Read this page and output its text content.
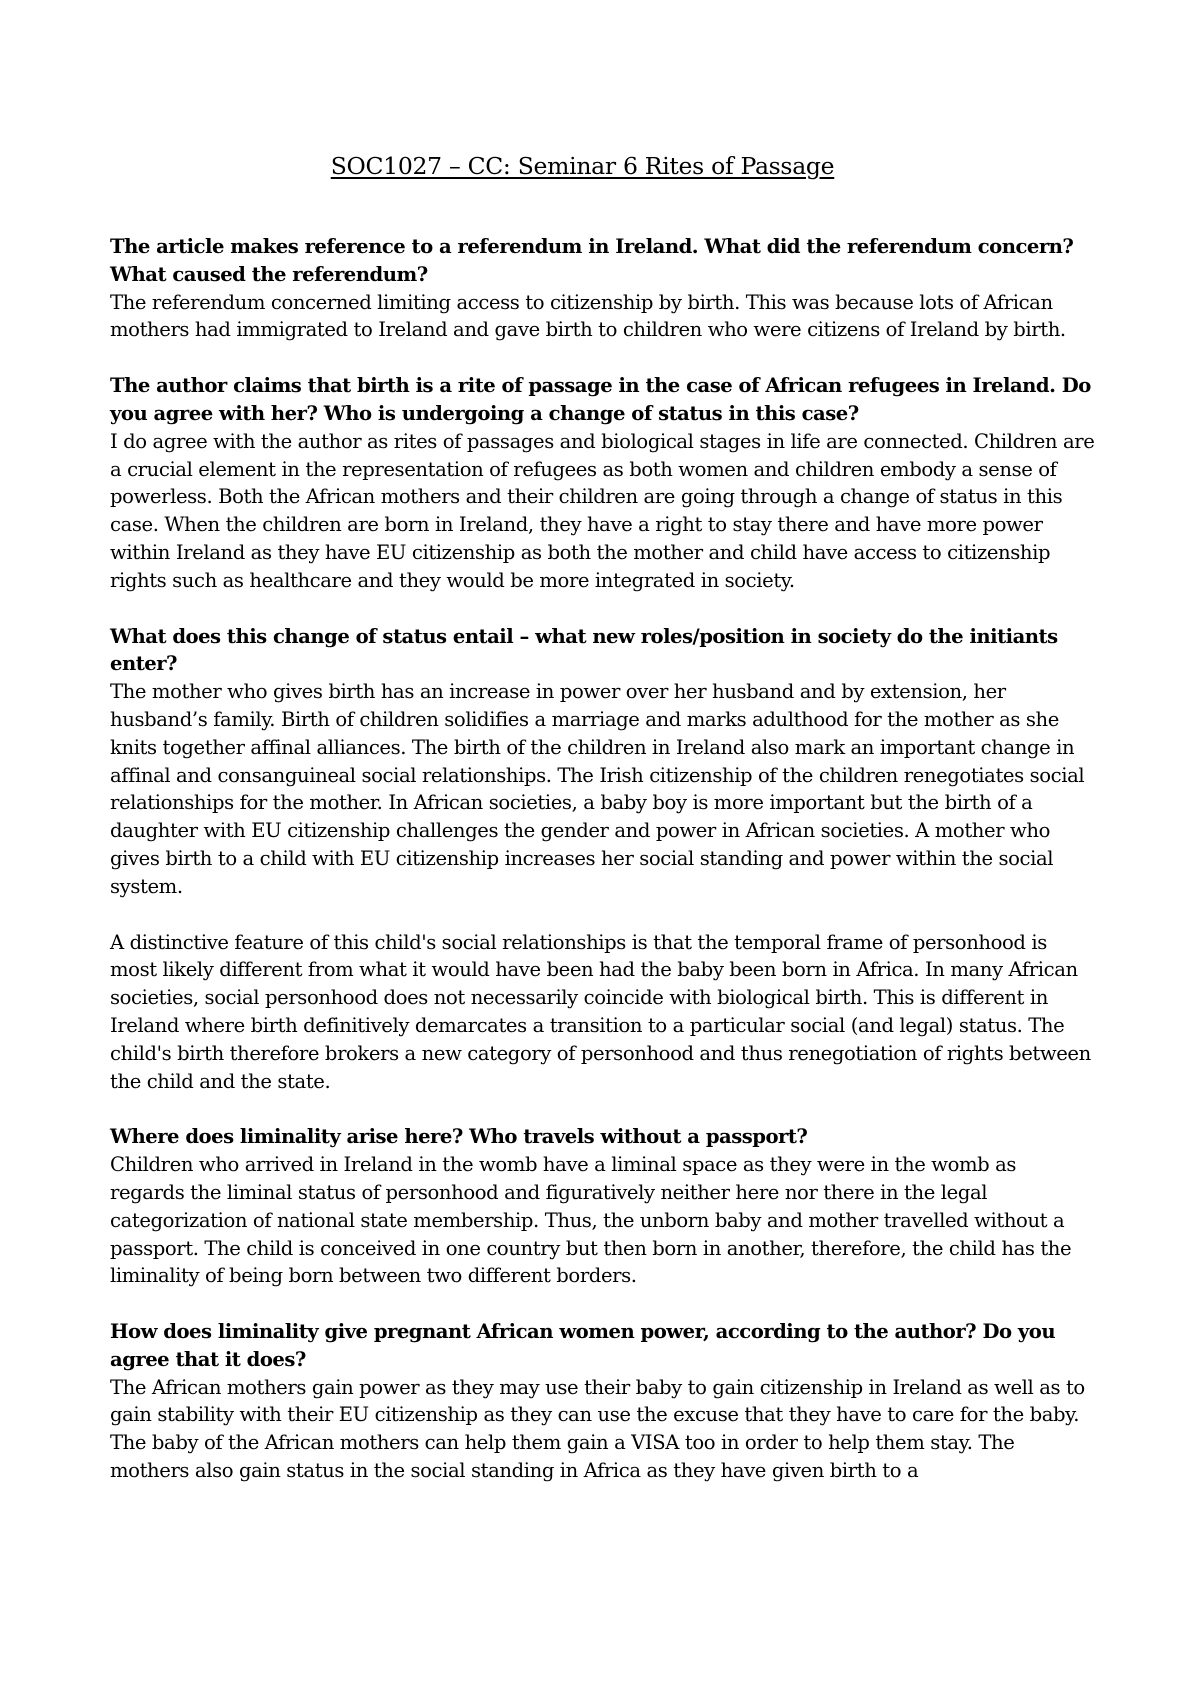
SOC1027 – CC: Seminar 6 Rites of Passage

The article makes reference to a referendum in Ireland. What did the referendum concern? What caused the referendum?

The referendum concerned limiting access to citizenship by birth. This was because lots of African mothers had immigrated to Ireland and gave birth to children who were citizens of Ireland by birth.

The author claims that birth is a rite of passage in the case of African refugees in Ireland. Do you agree with her? Who is undergoing a change of status in this case?

I do agree with the author as rites of passages and biological stages in life are connected. Children are a crucial element in the representation of refugees as both women and children embody a sense of powerless. Both the African mothers and their children are going through a change of status in this case. When the children are born in Ireland, they have a right to stay there and have more power within Ireland as they have EU citizenship as both the mother and child have access to citizenship rights such as healthcare and they would be more integrated in society.

What does this change of status entail – what new roles/position in society do the initiants enter?

The mother who gives birth has an increase in power over her husband and by extension, her husband’s family. Birth of children solidifies a marriage and marks adulthood for the mother as she knits together affinal alliances. The birth of the children in Ireland also mark an important change in affinal and consanguineal social relationships. The Irish citizenship of the children renegotiates social relationships for the mother. In African societies, a baby boy is more important but the birth of a daughter with EU citizenship challenges the gender and power in African societies. A mother who gives birth to a child with EU citizenship increases her social standing and power within the social system.

A distinctive feature of this child's social relationships is that the temporal frame of personhood is most likely different from what it would have been had the baby been born in Africa. In many African societies, social personhood does not necessarily coincide with biological birth. This is different in Ireland where birth definitively demarcates a transition to a particular social (and legal) status. The child's birth therefore brokers a new category of personhood and thus renegotiation of rights between the child and the state.

Where does liminality arise here? Who travels without a passport?

Children who arrived in Ireland in the womb have a liminal space as they were in the womb as regards the liminal status of personhood and figuratively neither here nor there in the legal categorization of national state membership. Thus, the unborn baby and mother travelled without a passport. The child is conceived in one country but then born in another, therefore, the child has the liminality of being born between two different borders.

How does liminality give pregnant African women power, according to the author? Do you agree that it does?

The African mothers gain power as they may use their baby to gain citizenship in Ireland as well as to gain stability with their EU citizenship as they can use the excuse that they have to care for the baby. The baby of the African mothers can help them gain a VISA too in order to help them stay. The mothers also gain status in the social standing in Africa as they have given birth to a
